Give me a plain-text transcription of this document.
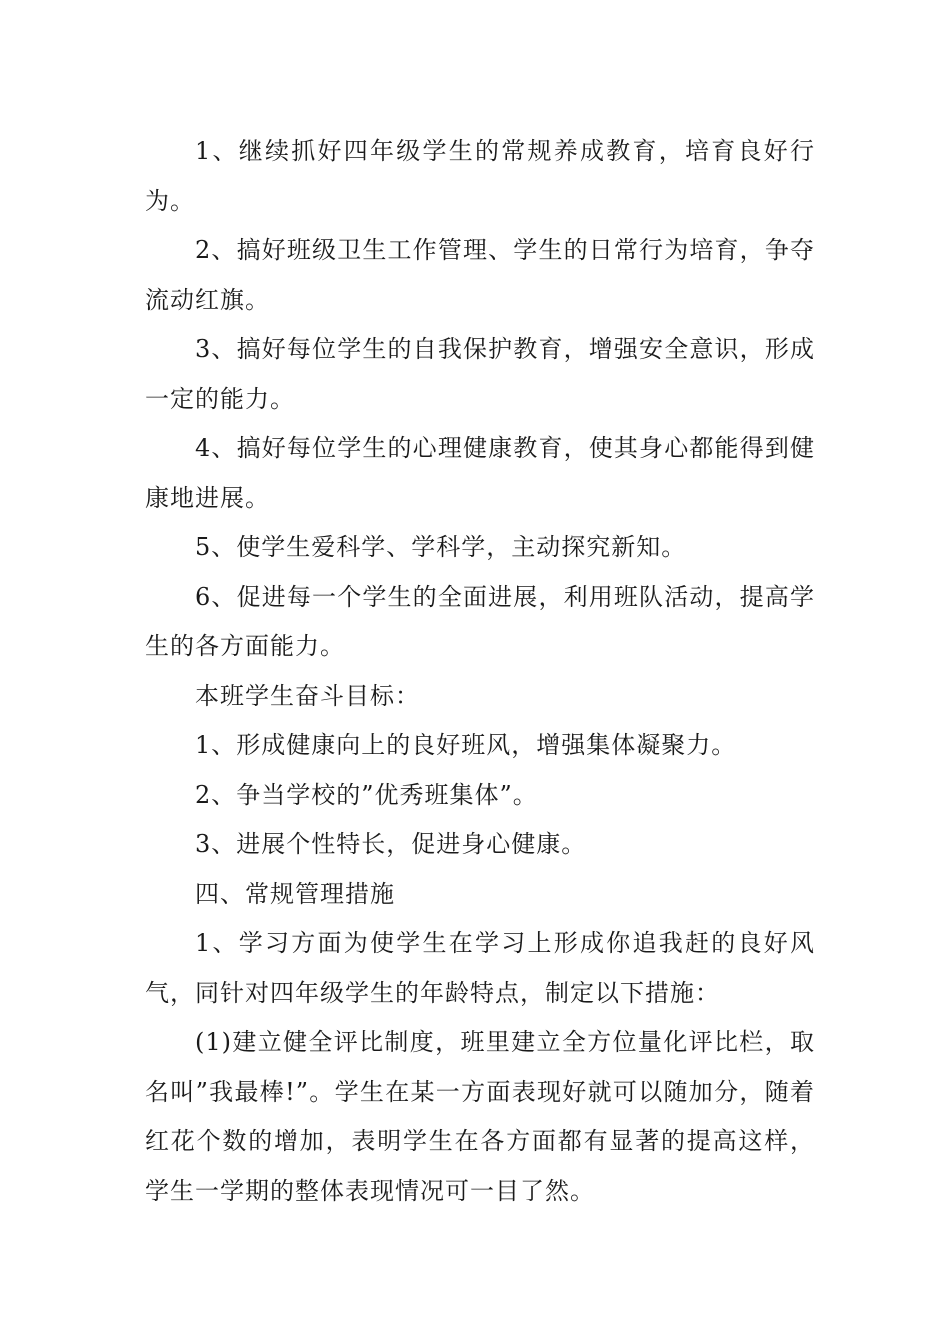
1、继续抓好四年级学生的常规养成教育，培育良好行为。

2、搞好班级卫生工作管理、学生的日常行为培育，争夺流动红旗。

3、搞好每位学生的自我保护教育，增强安全意识，形成一定的能力。

4、搞好每位学生的心理健康教育，使其身心都能得到健康地进展。

5、使学生爱科学、学科学，主动探究新知。

6、促进每一个学生的全面进展，利用班队活动，提高学生的各方面能力。

本班学生奋斗目标：

1、形成健康向上的良好班风，增强集体凝聚力。

2、争当学校的”优秀班集体”。

3、进展个性特长，促进身心健康。

四、常规管理措施

1、学习方面为使学生在学习上形成你追我赶的良好风气，同针对四年级学生的年龄特点，制定以下措施：

(1)建立健全评比制度，班里建立全方位量化评比栏，取名叫”我最棒!”。学生在某一方面表现好就可以随加分，随着红花个数的增加，表明学生在各方面都有显著的提高这样，学生一学期的整体表现情况可一目了然。
